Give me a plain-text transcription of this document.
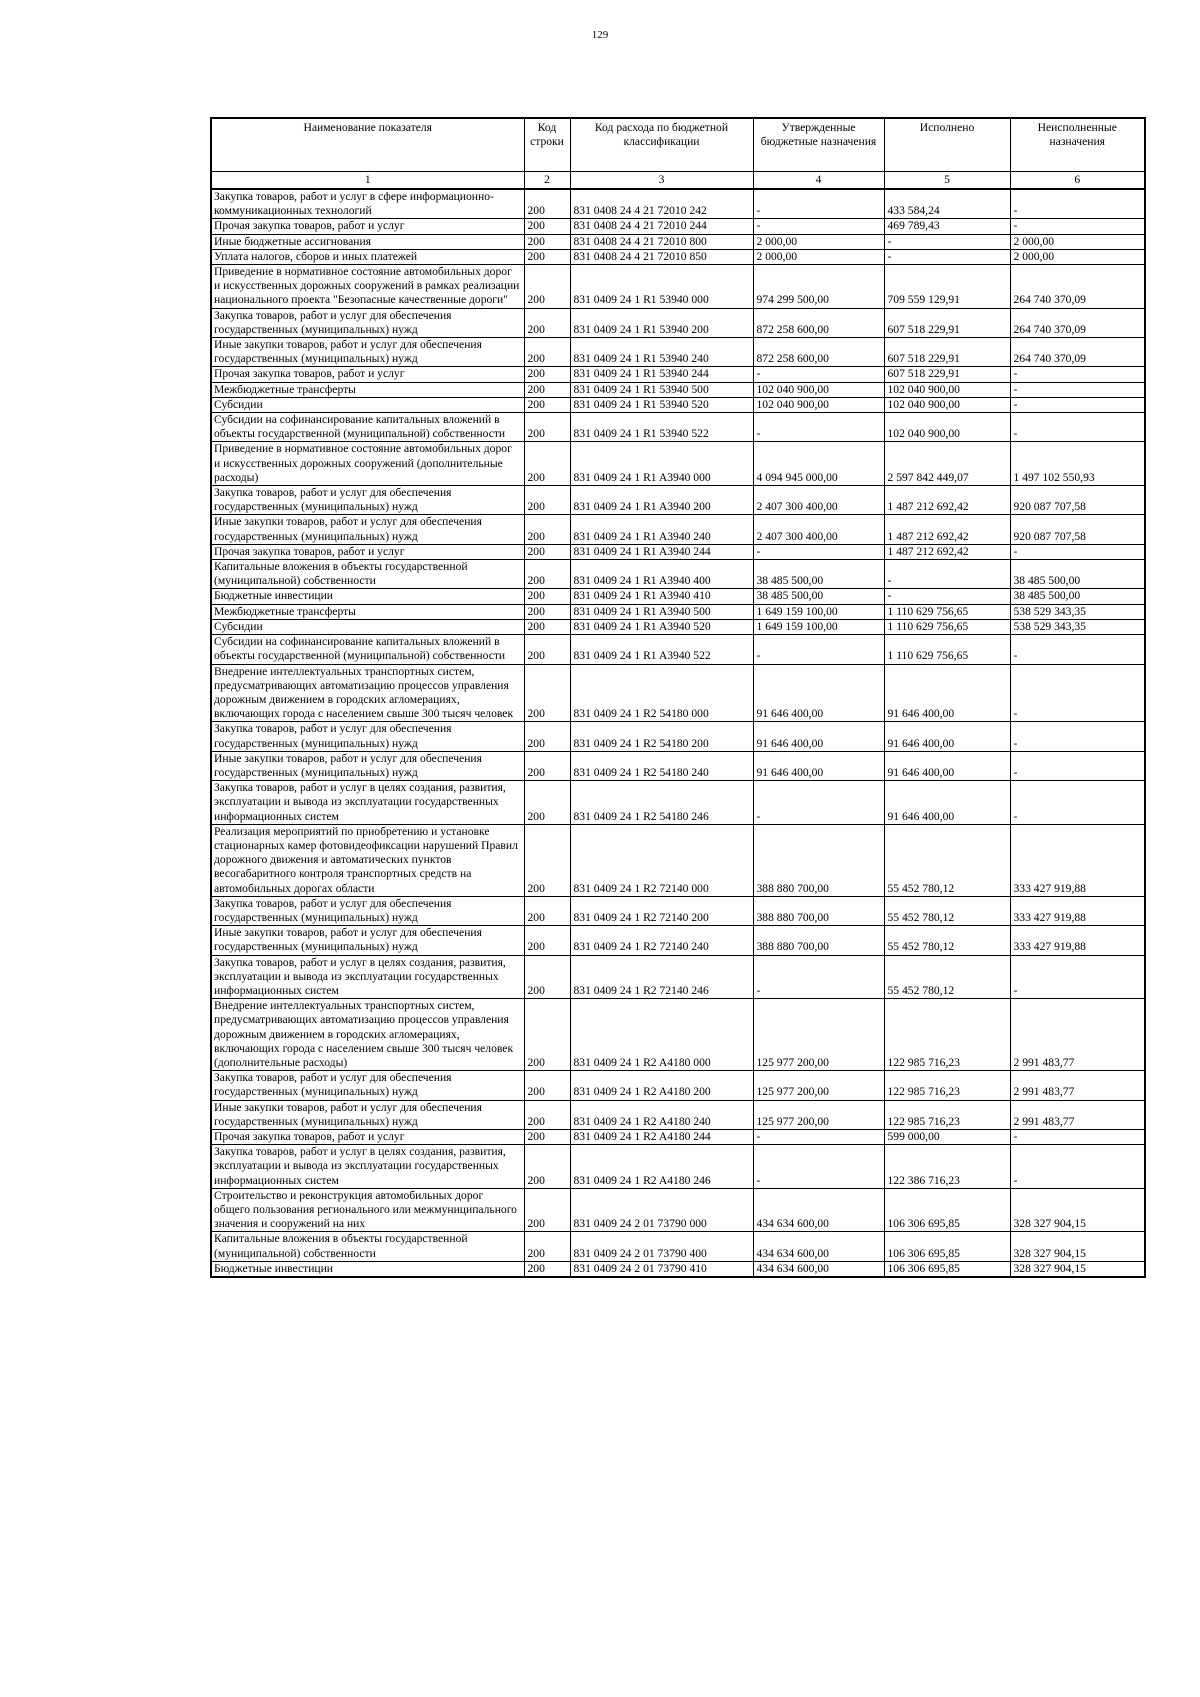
129
Наименование показателя	Код строки	Код расхода по бюджетной классификации	Утвержденные бюджетные назначения	Исполнено	Неисполненные назначения
1	2	3	4	5	6
Закупка товаров, работ и услуг в сфере информационно-коммуникационных технологий	200	831 0408 24 4 21 72010 242	-	433 584,24	-
Прочая закупка товаров, работ и услуг	200	831 0408 24 4 21 72010 244	-	469 789,43	-
Иные бюджетные ассигнования	200	831 0408 24 4 21 72010 800	2 000,00	-	2 000,00
Уплата налогов, сборов и иных платежей	200	831 0408 24 4 21 72010 850	2 000,00	-	2 000,00
Приведение в нормативное состояние автомобильных дорог и искусственных дорожных сооружений в рамках реализации национального проекта "Безопасные качественные дороги"	200	831 0409 24 1 R1 53940 000	974 299 500,00	709 559 129,91	264 740 370,09
Закупка товаров, работ и услуг для обеспечения государственных (муниципальных) нужд	200	831 0409 24 1 R1 53940 200	872 258 600,00	607 518 229,91	264 740 370,09
Иные закупки товаров, работ и услуг для обеспечения государственных (муниципальных) нужд	200	831 0409 24 1 R1 53940 240	872 258 600,00	607 518 229,91	264 740 370,09
Прочая закупка товаров, работ и услуг	200	831 0409 24 1 R1 53940 244	-	607 518 229,91	-
Межбюджетные трансферты	200	831 0409 24 1 R1 53940 500	102 040 900,00	102 040 900,00	-
Субсидии	200	831 0409 24 1 R1 53940 520	102 040 900,00	102 040 900,00	-
Субсидии на софинансирование капитальных вложений в объекты государственной (муниципальной) собственности	200	831 0409 24 1 R1 53940 522	-	102 040 900,00	-
Приведение в нормативное состояние автомобильных дорог и искусственных дорожных сооружений (дополнительные расходы)	200	831 0409 24 1 R1 A3940 000	4 094 945 000,00	2 597 842 449,07	1 497 102 550,93
Закупка товаров, работ и услуг для обеспечения государственных (муниципальных) нужд	200	831 0409 24 1 R1 A3940 200	2 407 300 400,00	1 487 212 692,42	920 087 707,58
Иные закупки товаров, работ и услуг для обеспечения государственных (муниципальных) нужд	200	831 0409 24 1 R1 A3940 240	2 407 300 400,00	1 487 212 692,42	920 087 707,58
Прочая закупка товаров, работ и услуг	200	831 0409 24 1 R1 A3940 244	-	1 487 212 692,42	-
Капитальные вложения в объекты государственной (муниципальной) собственности	200	831 0409 24 1 R1 A3940 400	38 485 500,00	-	38 485 500,00
Бюджетные инвестиции	200	831 0409 24 1 R1 A3940 410	38 485 500,00	-	38 485 500,00
Межбюджетные трансферты	200	831 0409 24 1 R1 A3940 500	1 649 159 100,00	1 110 629 756,65	538 529 343,35
Субсидии	200	831 0409 24 1 R1 A3940 520	1 649 159 100,00	1 110 629 756,65	538 529 343,35
Субсидии на софинансирование капитальных вложений в объекты государственной (муниципальной) собственности	200	831 0409 24 1 R1 A3940 522	-	1 110 629 756,65	-
Внедрение интеллектуальных транспортных систем, предусматривающих автоматизацию процессов управления дорожным движением в городских агломерациях, включающих города с населением свыше 300 тысяч человек	200	831 0409 24 1 R2 54180 000	91 646 400,00	91 646 400,00	-
Закупка товаров, работ и услуг для обеспечения государственных (муниципальных) нужд	200	831 0409 24 1 R2 54180 200	91 646 400,00	91 646 400,00	-
Иные закупки товаров, работ и услуг для обеспечения государственных (муниципальных) нужд	200	831 0409 24 1 R2 54180 240	91 646 400,00	91 646 400,00	-
Закупка товаров, работ и услуг в целях создания, развития, эксплуатации и вывода из эксплуатации государственных информационных систем	200	831 0409 24 1 R2 54180 246	-	91 646 400,00	-
Реализация мероприятий по приобретению и установке стационарных камер фотовидеофиксации нарушений Правил дорожного движения и автоматических пунктов весогабаритного контроля транспортных средств на автомобильных дорогах области	200	831 0409 24 1 R2 72140 000	388 880 700,00	55 452 780,12	333 427 919,88
Закупка товаров, работ и услуг для обеспечения государственных (муниципальных) нужд	200	831 0409 24 1 R2 72140 200	388 880 700,00	55 452 780,12	333 427 919,88
Иные закупки товаров, работ и услуг для обеспечения государственных (муниципальных) нужд	200	831 0409 24 1 R2 72140 240	388 880 700,00	55 452 780,12	333 427 919,88
Закупка товаров, работ и услуг в целях создания, развития, эксплуатации и вывода из эксплуатации государственных информационных систем	200	831 0409 24 1 R2 72140 246	-	55 452 780,12	-
Внедрение интеллектуальных транспортных систем, предусматривающих автоматизацию процессов управления дорожным движением в городских агломерациях, включающих города с населением свыше 300 тысяч человек (дополнительные расходы)	200	831 0409 24 1 R2 A4180 000	125 977 200,00	122 985 716,23	2 991 483,77
Закупка товаров, работ и услуг для обеспечения государственных (муниципальных) нужд	200	831 0409 24 1 R2 A4180 200	125 977 200,00	122 985 716,23	2 991 483,77
Иные закупки товаров, работ и услуг для обеспечения государственных (муниципальных) нужд	200	831 0409 24 1 R2 A4180 240	125 977 200,00	122 985 716,23	2 991 483,77
Прочая закупка товаров, работ и услуг	200	831 0409 24 1 R2 A4180 244	-	599 000,00	-
Закупка товаров, работ и услуг в целях создания, развития, эксплуатации и вывода из эксплуатации государственных информационных систем	200	831 0409 24 1 R2 A4180 246	-	122 386 716,23	-
Строительство и реконструкция автомобильных дорог общего пользования регионального или межмуниципального значения и сооружений на них	200	831 0409 24 2 01 73790 000	434 634 600,00	106 306 695,85	328 327 904,15
Капитальные вложения в объекты государственной (муниципальной) собственности	200	831 0409 24 2 01 73790 400	434 634 600,00	106 306 695,85	328 327 904,15
Бюджетные инвестиции	200	831 0409 24 2 01 73790 410	434 634 600,00	106 306 695,85	328 327 904,15
